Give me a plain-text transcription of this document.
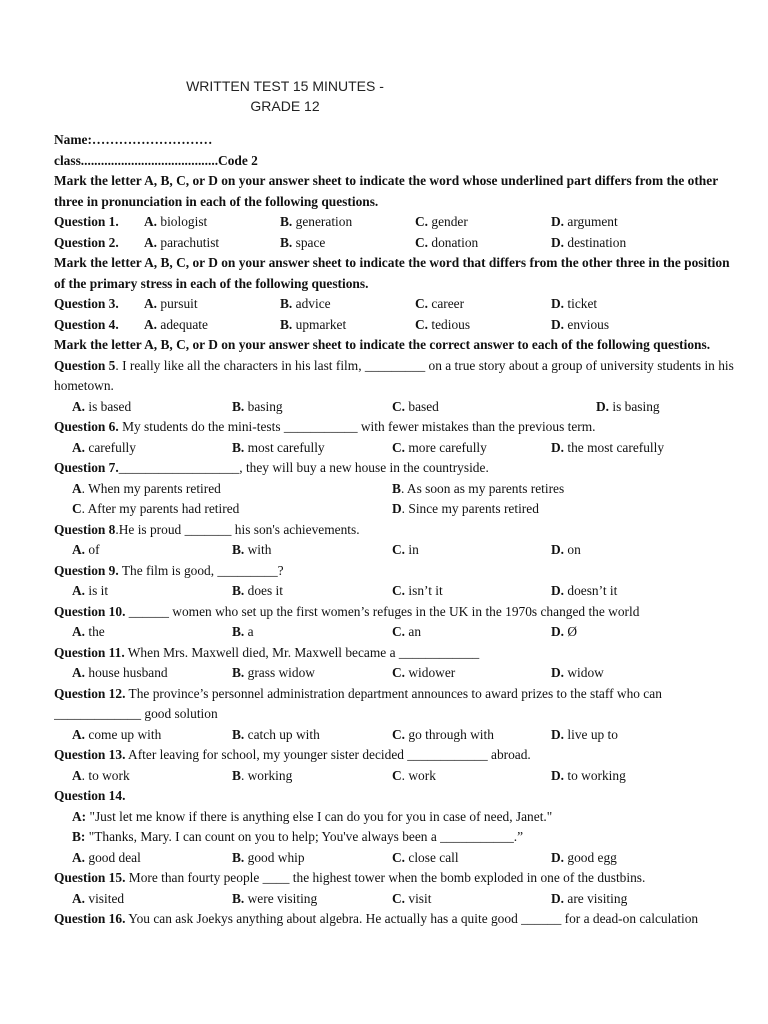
WRITTEN TEST 15 MINUTES -
GRADE 12
Name:………………………
class.........................................Code 2
Mark the letter A, B, C, or D on your answer sheet to indicate the word whose underlined part differs from the other three in pronunciation in each of the following questions.
Question 1. A. biologist	B. generation	C. gender	D. argument
Question 2. A. parachutist	B. space	C. donation	D. destination
Mark the letter A, B, C, or D on your answer sheet to indicate the word that differs from the other three in the position of the primary stress in each of the following questions.
Question 3. A. pursuit	B. advice	C. career	D. ticket
Question 4. A. adequate	B. upmarket	C. tedious	D. envious
Mark the letter A, B, C, or D on your answer sheet to indicate the correct answer to each of the following questions.
Question 5. I really like all the characters in his last film, _________ on a true story about a group of university students in his hometown.
A. is based	B. basing	C. based	D. is basing
Question 6. My students do the mini-tests ___________ with fewer mistakes than the previous term.
A. carefully	B. most carefully	C. more carefully	D. the most carefully
Question 7.__________________, they will buy a new house in the countryside.
A. When my parents retired	B. As soon as my parents retires
C. After my parents had retired	D. Since my parents retired
Question 8.He is proud _______ his son's achievements.
A. of	B. with	C. in	D. on
Question 9. The film is good, _________?
A. is it	B. does it	C. isn’t it	D. doesn’t it
Question 10. ______ women who set up the first women’s refuges in the UK in the 1970s changed the world
A. the	B. a	C. an	D. Ø
Question 11. When Mrs. Maxwell died, Mr. Maxwell became a ____________
A. house husband	B. grass widow	C. widower	D. widow
Question 12. The province’s personnel administration department announces to award prizes to the staff who can _____________ good solution
A. come up with	B. catch up with	C. go through with	D. live up to
Question 13. After leaving for school, my younger sister decided ____________ abroad.
A. to work	B. working	C. work	D. to working
Question 14.
A: "Just let me know if there is anything else I can do you for you in case of need, Janet."
B: "Thanks, Mary. I can count on you to help; You've always been a ___________.”
A. good deal	B. good whip	C. close call	D. good egg
Question 15. More than fourty people ____ the highest tower when the bomb exploded in one of the dustbins.
A. visited	B. were visiting	C. visit	D. are visiting
Question 16. You can ask Joekys anything about algebra. He actually has a quite good ______ for a dead-on calculation
